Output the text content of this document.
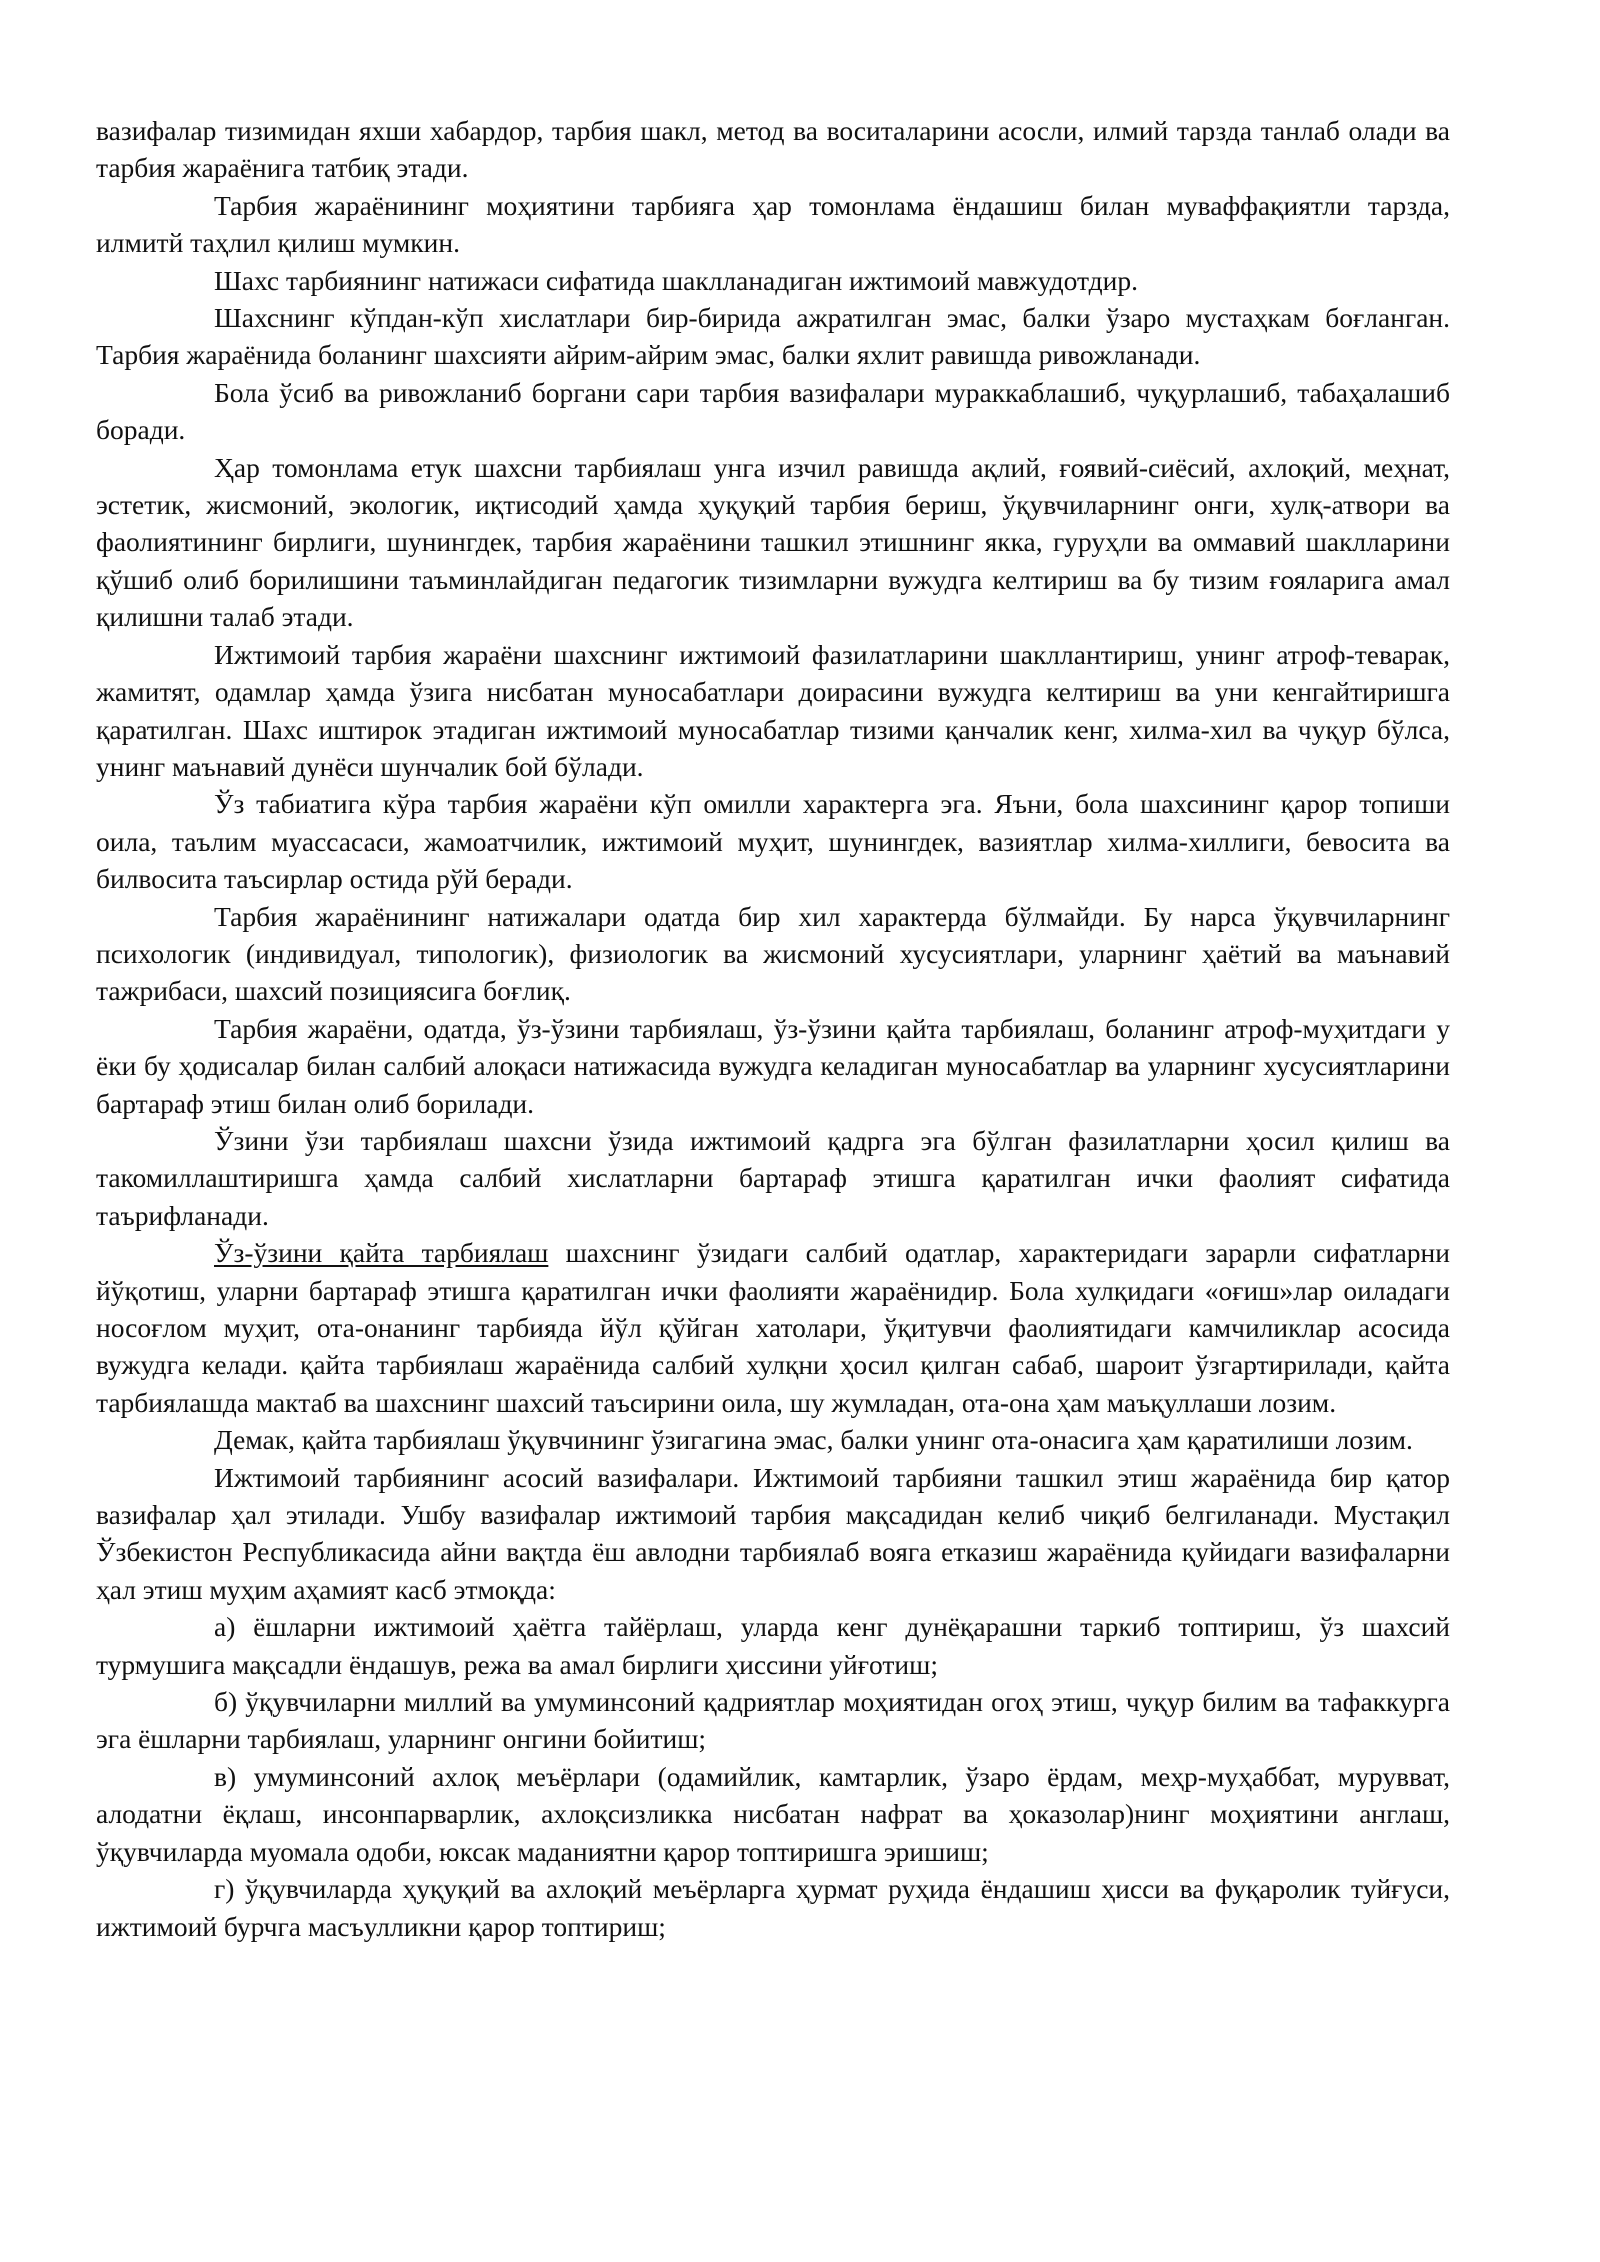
вазифалар тизимидан яхши хабардор, тарбия шакл, метод ва воситаларини асосли, илмий тарзда танлаб олади ва тарбия жараёнига татбиқ этади.

Тарбия жараёнининг моҳиятини тарбияга ҳар томонлама ёндашиш билан муваффақиятли тарзда, илмитй таҳлил қилиш мумкин.

Шахс тарбиянинг натижаси сифатида шаклланадиган ижтимоий мавжудотдир.

Шахснинг кўпдан-кўп хислатлари бир-бирида ажратилган эмас, балки ўзаро мустаҳкам боғланган. Тарбия жараёнида боланинг шахсияти айрим-айрим эмас, балки яхлит равишда ривожланади.

Бола ўсиб ва ривожланиб боргани сари тарбия вазифалари мураккаблашиб, чуқурлашиб, табаҳалашиб боради.

Ҳар томонлама етук шахсни тарбиялаш унга изчил равишда ақлий, ғоявий-сиёсий, ахлоқий, меҳнат, эстетик, жисмоний, экологик, иқтисодий ҳамда ҳуқуқий тарбия бериш, ўқувчиларнинг онги, хулқ-атвори ва фаолиятининг бирлиги, шунингдек, тарбия жараёнини ташкил этишнинг якка, гуруҳли ва оммавий шаклларини қўшиб олиб борилишини таъминлайдиган педагогик тизимларни вужудга келтириш ва бу тизим ғояларига амал қилишни талаб этади.

Ижтимоий тарбия жараёни шахснинг ижтимоий фазилатларини шакллантириш, унинг атроф-теварак, жамитят, одамлар ҳамда ўзига нисбатан муносабатлари доирасини вужудга келтириш ва уни кенгайтиришга қаратилган. Шахс иштирок этадиган ижтимоий муносабатлар тизими қанчалик кенг, хилма-хил ва чуқур бўлса, унинг маънавий дунёси шунчалик бой бўлади.

Ўз табиатига кўра тарбия жараёни кўп омилли характерга эга. Яъни, бола шахсининг қарор топиши оила, таълим муассасаси, жамоатчилик, ижтимоий муҳит, шунингдек, вазиятлар хилма-хиллиги, бевосита ва билвосита таъсирлар остида рўй беради.

Тарбия жараёнининг натижалари одатда бир хил характерда бўлмайди. Бу нарса ўқувчиларнинг психологик (индивидуал, типологик), физиологик ва жисмоний хусусиятлари, уларнинг ҳаётий ва маънавий тажрибаси, шахсий позициясига боғлиқ.

Тарбия жараёни, одатда, ўз-ўзини тарбиялаш, ўз-ўзини қайта тарбиялаш, боланинг атроф-муҳитдаги у ёки бу ҳодисалар билан салбий алоқаси натижасида вужудга келадиган муносабатлар ва уларнинг хусусиятларини бартараф этиш билан олиб борилади.

Ўзини ўзи тарбиялаш шахсни ўзида ижтимоий қадрга эга бўлган фазилатларни ҳосил қилиш ва такомиллаштиришга ҳамда салбий хислатларни бартараф этишга қаратилган ички фаолият сифатида таърифланади.

Ўз-ўзини қайта тарбиялаш шахснинг ўзидаги салбий одатлар, характеридаги зарарли сифатларни йўқотиш, уларни бартараф этишга қаратилган ички фаолияти жараёнидир. Бола хулқидаги «оғиш»лар оиладаги носоғлом муҳит, ота-онанинг тарбияда йўл қўйган хатолари, ўқитувчи фаолиятидаги камчиликлар асосида вужудга келади. қайта тарбиялаш жараёнида салбий хулқни ҳосил қилган сабаб, шароит ўзгартирилади, қайта тарбиялашда мактаб ва шахснинг шахсий таъсирини оила, шу жумладан, ота-она ҳам маъқуллаши лозим.

Демак, қайта тарбиялаш ўқувчининг ўзигагина эмас, балки унинг ота-онасига ҳам қаратилиши лозим.

Ижтимоий тарбиянинг асосий вазифалари. Ижтимоий тарбияни ташкил этиш жараёнида бир қатор вазифалар ҳал этилади. Ушбу вазифалар ижтимоий тарбия мақсадидан келиб чиқиб белгиланади. Мустақил Ўзбекистон Республикасида айни вақтда ёш авлодни тарбиялаб вояга етказиш жараёнида қуйидаги вазифаларни ҳал этиш муҳим аҳамият касб этмоқда:

а) ёшларни ижтимоий ҳаётга тайёрлаш, уларда кенг дунёқарашни таркиб топтириш, ўз шахсий турмушига мақсадли ёндашув, режа ва амал бирлиги ҳиссини уйғотиш;

б) ўқувчиларни миллий ва умуминсоний қадриятлар моҳиятидан огоҳ этиш, чуқур билим ва тафаккурга эга ёшларни тарбиялаш, уларнинг онгини бойитиш;

в) умуминсоний ахлоқ меъёрлари (одамийлик, камтарлик, ўзаро ёрдам, меҳр-муҳаббат, мурувват, алодатни ёқлаш, инсонпарварлик, ахлоқсизликка нисбатан нафрат ва ҳоказолар)нинг моҳиятини англаш, ўқувчиларда муомала одоби, юксак маданиятни қарор топтиришга эришиш;

г) ўқувчиларда ҳуқуқий ва ахлоқий меъёрларга ҳурмат руҳида ёндашиш ҳисси ва фуқаролик туйғуси, ижтимоий бурчга масъулликни қарор топтириш;
